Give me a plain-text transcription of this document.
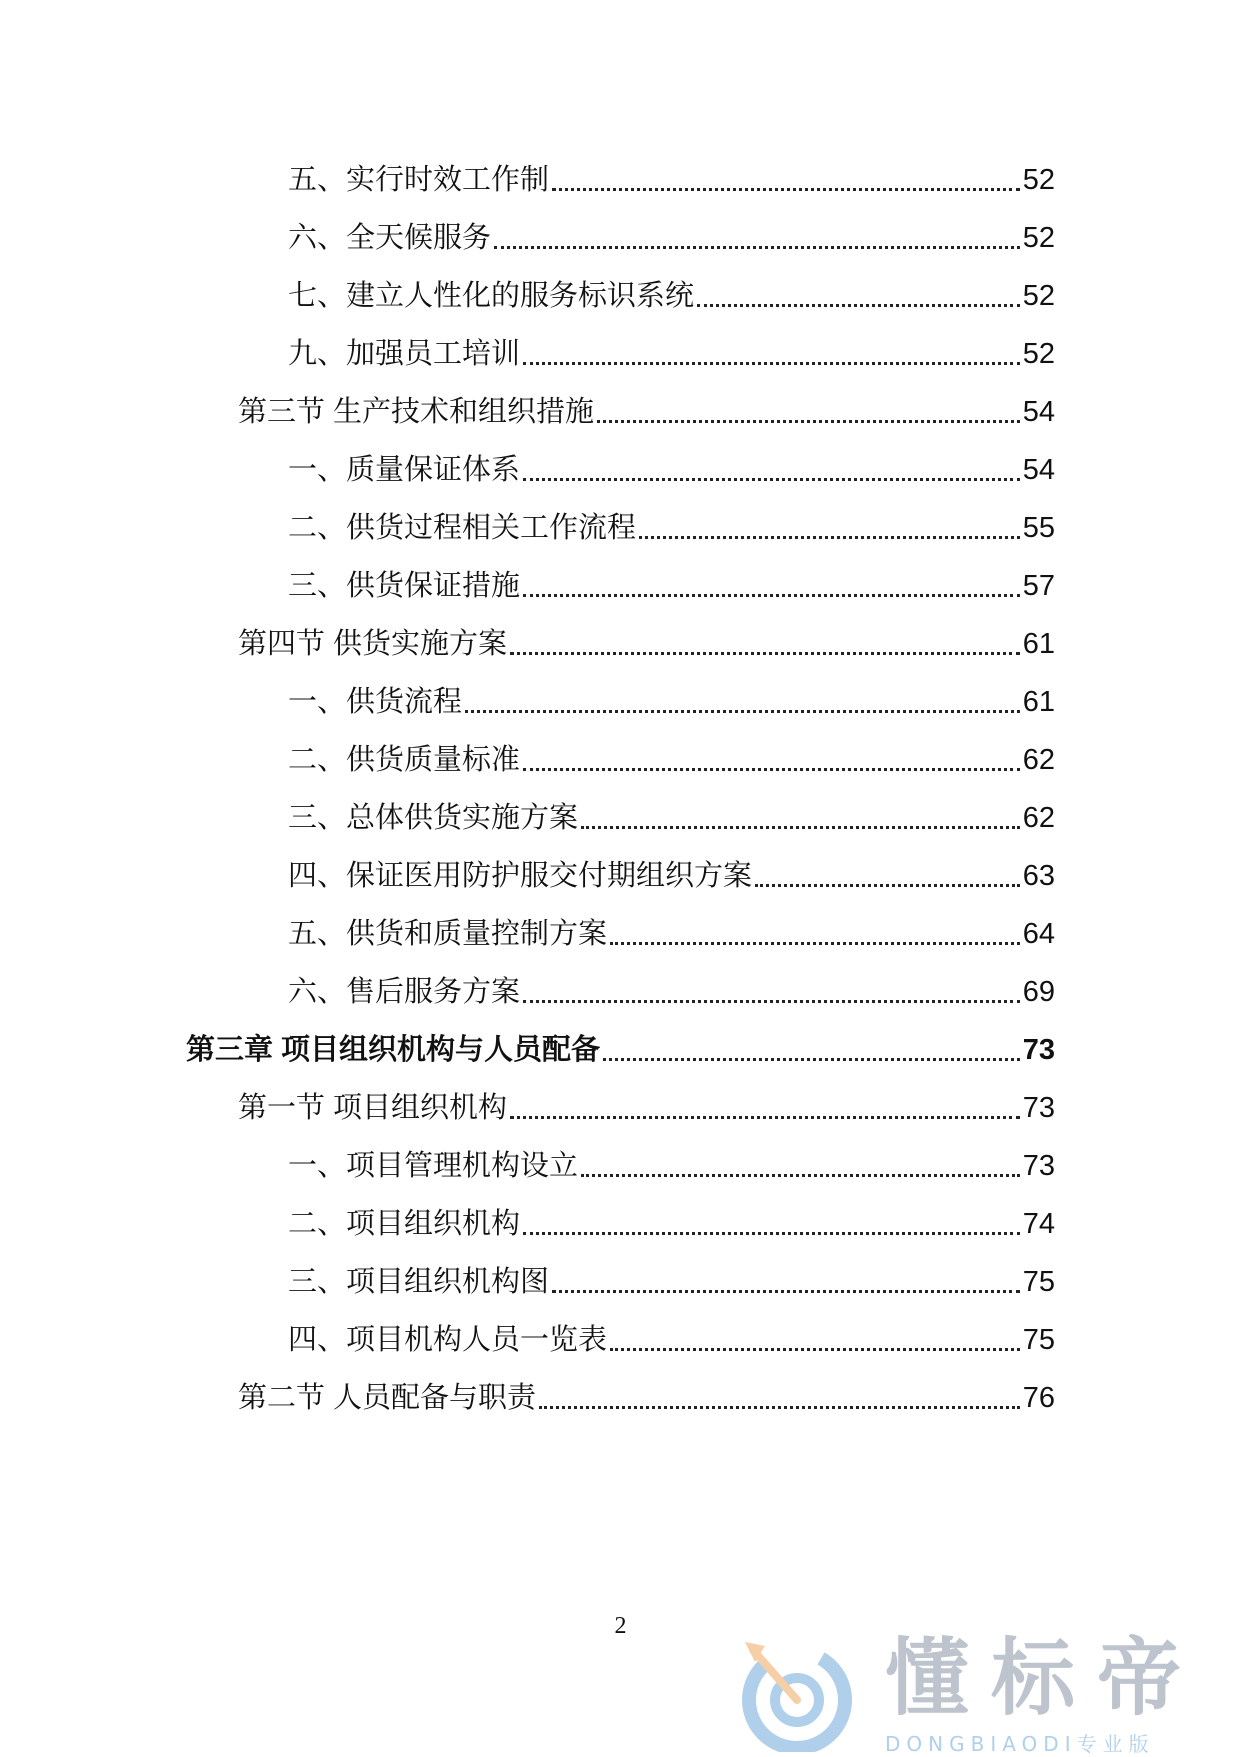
五、实行时效工作制	52
六、全天候服务	52
七、建立人性化的服务标识系统	52
九、加强员工培训	52
第三节 生产技术和组织措施	54
一、质量保证体系	54
二、供货过程相关工作流程	55
三、供货保证措施	57
第四节 供货实施方案	61
一、供货流程	61
二、供货质量标准	62
三、总体供货实施方案	62
四、保证医用防护服交付期组织方案	63
五、供货和质量控制方案	64
六、售后服务方案	69
第三章 项目组织机构与人员配备	73
第一节 项目组织机构	73
一、项目管理机构设立	73
二、项目组织机构	74
三、项目组织机构图	75
四、项目机构人员一览表	75
第二节 人员配备与职责	76
2
懂标帝
DONGBIAODI专业版
